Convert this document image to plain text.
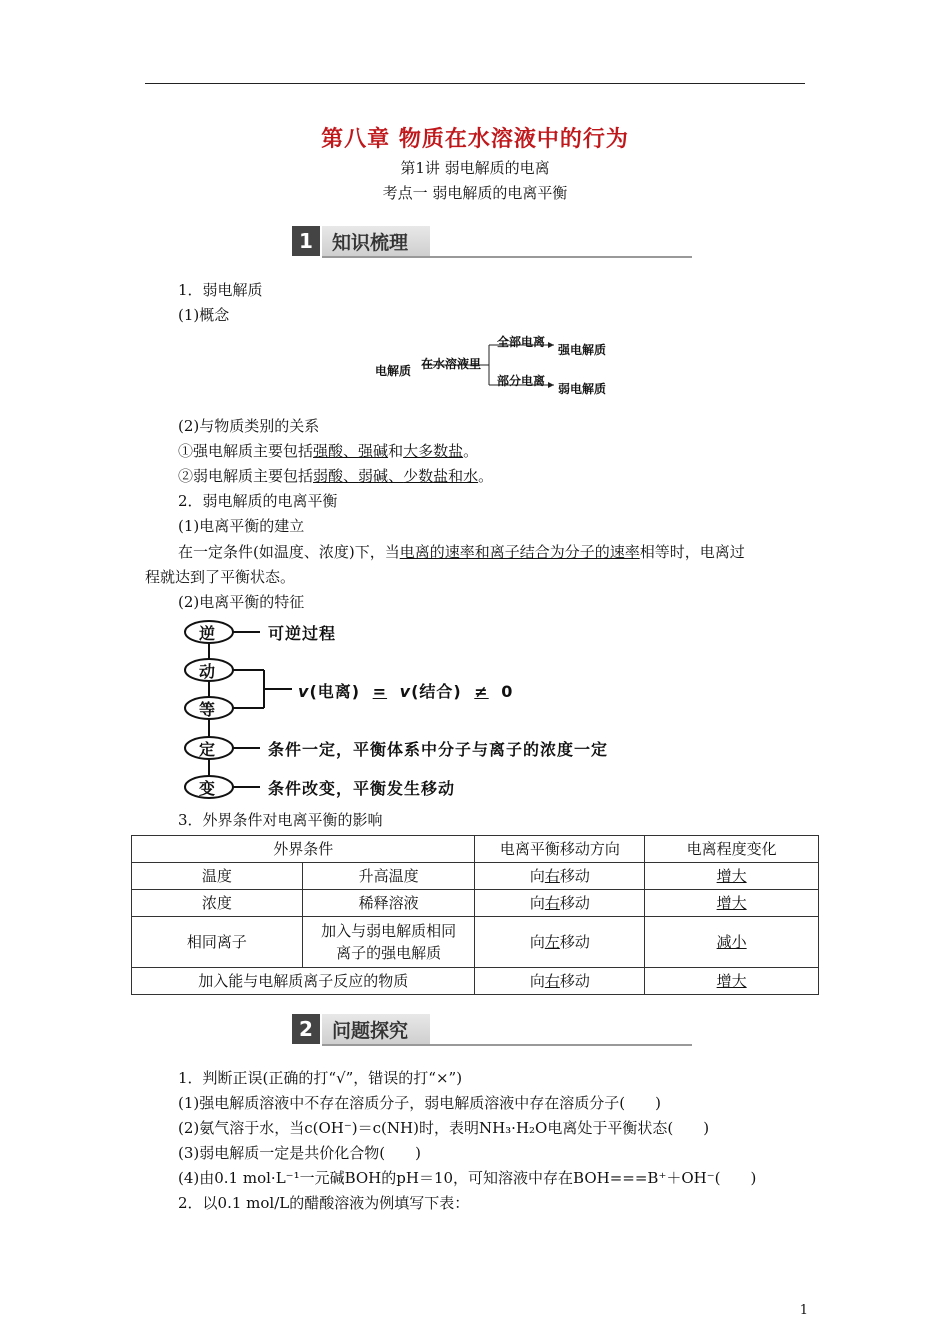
第八章 物质在水溶液中的行为
第1讲 弱电解质的电离
考点一 弱电解质的电离平衡
1	知识梳理
1．弱电解质
(1)概念
电解质 在水溶液里
全部电离
强电解质
部分电离
弱电解质
(2)与物质类别的关系
①强电解质主要包括强酸、强碱和大多数盐。
②弱电解质主要包括弱酸、弱碱、少数盐和水。
2．弱电解质的电离平衡
(1)电离平衡的建立
在一定条件(如温度、浓度)下，当电离的速率和离子结合为分子的速率相等时，电离过
程就达到了平衡状态。
(2)电离平衡的特征
逆
动
等
定
变
可逆过程
v(电离) = v(结合) ≠ 0
条件一定，平衡体系中分子与离子的浓度一定
条件改变，平衡发生移动
3．外界条件对电离平衡的影响
外界条件		电离平衡移动方向	电离程度变化
温度	升高温度	向右移动	增大
浓度	稀释溶液	向右移动	增大
相同离子	加入与弱电解质相同
离子的强电解质	向左移动	减小
加入能与电解质离子反应的物质		向右移动	增大
2	问题探究
1．判断正误(正确的打“√”，错误的打“×”)
(1)强电解质溶液中不存在溶质分子，弱电解质溶液中存在溶质分子(　　)
(2)氨气溶于水，当c(OH⁻)＝c(NH)时，表明NH₃·H₂O电离处于平衡状态(　　)
(3)弱电解质一定是共价化合物(　　)
(4)由0.1 mol·L⁻¹一元碱BOH的pH＝10，可知溶液中存在BOH===B⁺＋OH⁻(　　)
2．以0.1 mol/L的醋酸溶液为例填写下表：
1
